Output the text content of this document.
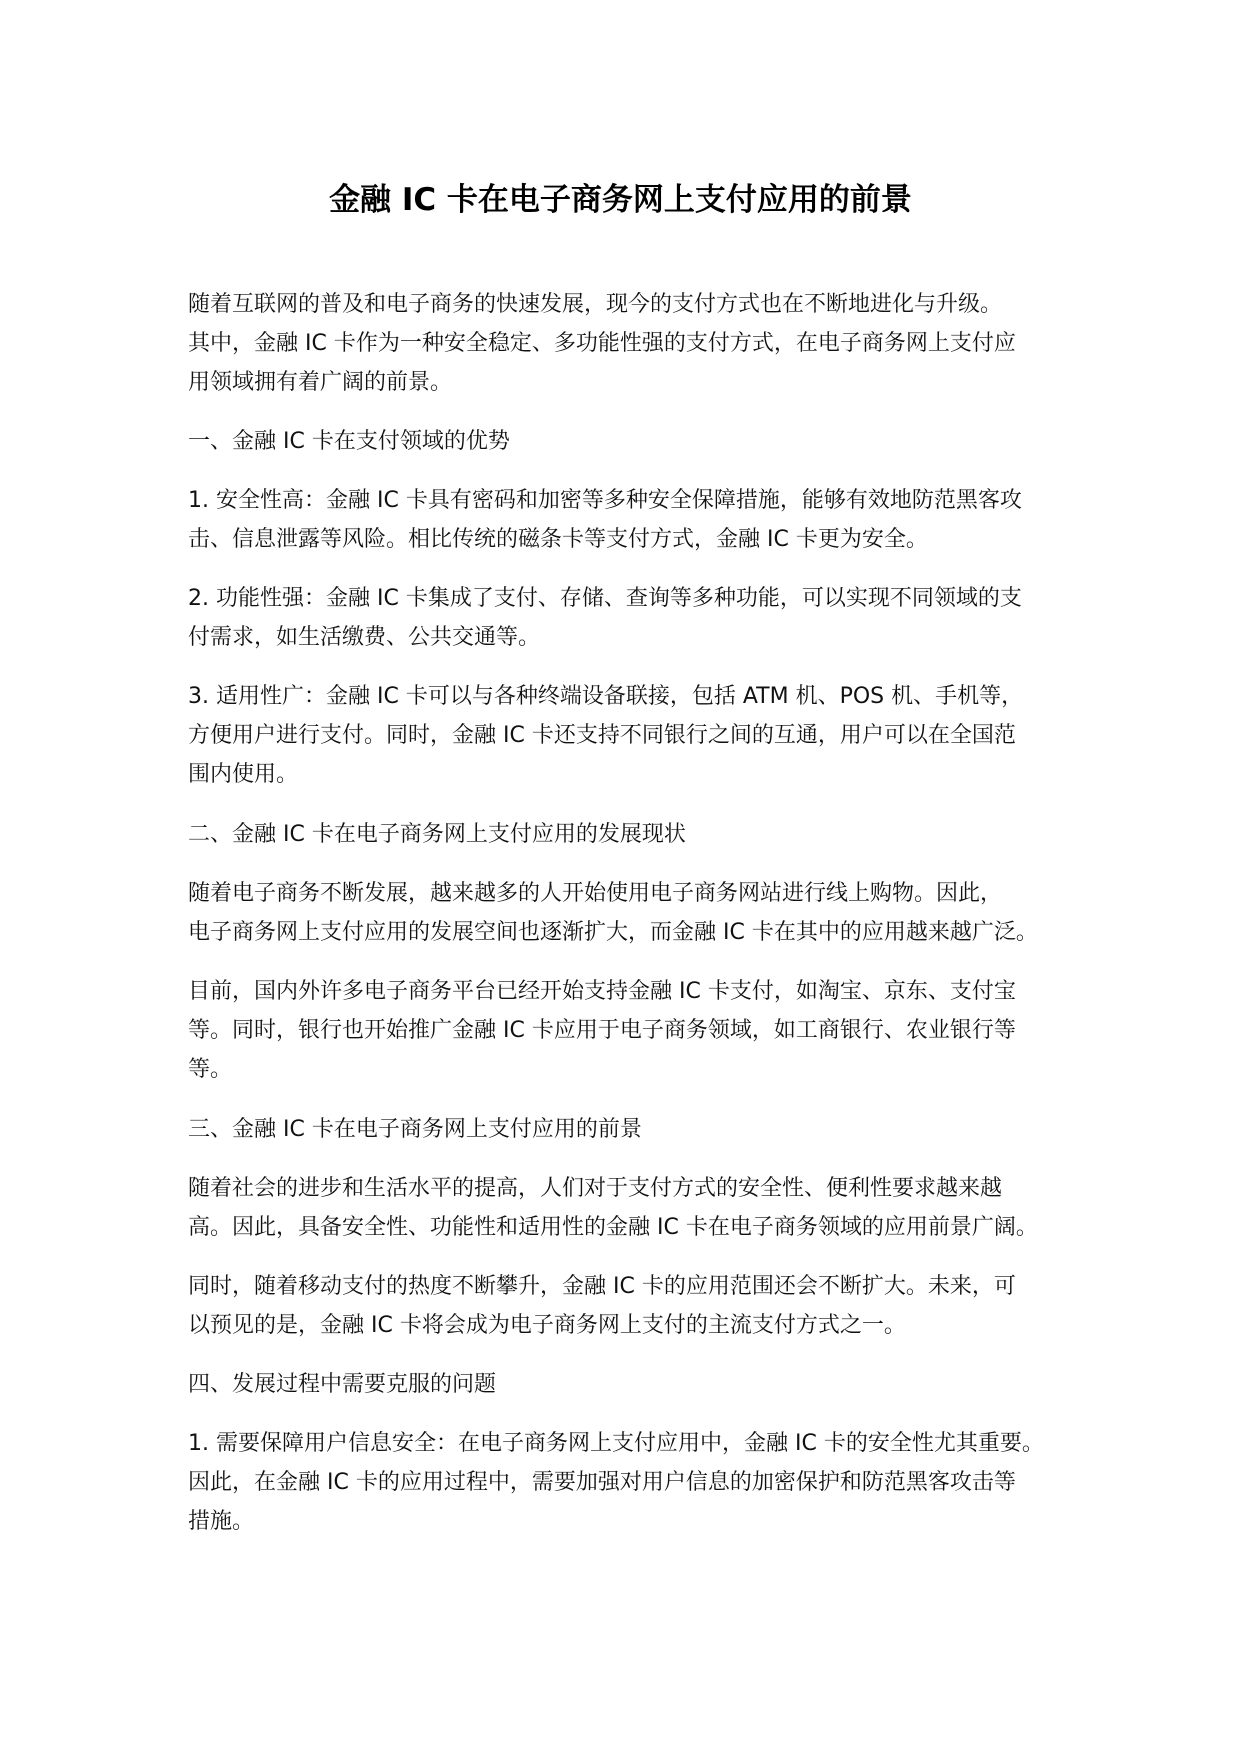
金融 IC 卡在电子商务网上支付应用的前景

随着互联网的普及和电子商务的快速发展，现今的支付方式也在不断地进化与升级。
其中，金融 IC 卡作为一种安全稳定、多功能性强的支付方式，在电子商务网上支付应
用领域拥有着广阔的前景。

一、金融 IC 卡在支付领域的优势

1. 安全性高：金融 IC 卡具有密码和加密等多种安全保障措施，能够有效地防范黑客攻
击、信息泄露等风险。相比传统的磁条卡等支付方式，金融 IC 卡更为安全。

2. 功能性强：金融 IC 卡集成了支付、存储、查询等多种功能，可以实现不同领域的支
付需求，如生活缴费、公共交通等。

3. 适用性广：金融 IC 卡可以与各种终端设备联接，包括 ATM 机、POS 机、手机等，
方便用户进行支付。同时，金融 IC 卡还支持不同银行之间的互通，用户可以在全国范
围内使用。

二、金融 IC 卡在电子商务网上支付应用的发展现状

随着电子商务不断发展，越来越多的人开始使用电子商务网站进行线上购物。因此，
电子商务网上支付应用的发展空间也逐渐扩大，而金融 IC 卡在其中的应用越来越广泛。

目前，国内外许多电子商务平台已经开始支持金融 IC 卡支付，如淘宝、京东、支付宝
等。同时，银行也开始推广金融 IC 卡应用于电子商务领域，如工商银行、农业银行等
等。

三、金融 IC 卡在电子商务网上支付应用的前景

随着社会的进步和生活水平的提高，人们对于支付方式的安全性、便利性要求越来越
高。因此，具备安全性、功能性和适用性的金融 IC 卡在电子商务领域的应用前景广阔。

同时，随着移动支付的热度不断攀升，金融 IC 卡的应用范围还会不断扩大。未来，可
以预见的是，金融 IC 卡将会成为电子商务网上支付的主流支付方式之一。

四、发展过程中需要克服的问题

1. 需要保障用户信息安全：在电子商务网上支付应用中，金融 IC 卡的安全性尤其重要。
因此，在金融 IC 卡的应用过程中，需要加强对用户信息的加密保护和防范黑客攻击等
措施。
